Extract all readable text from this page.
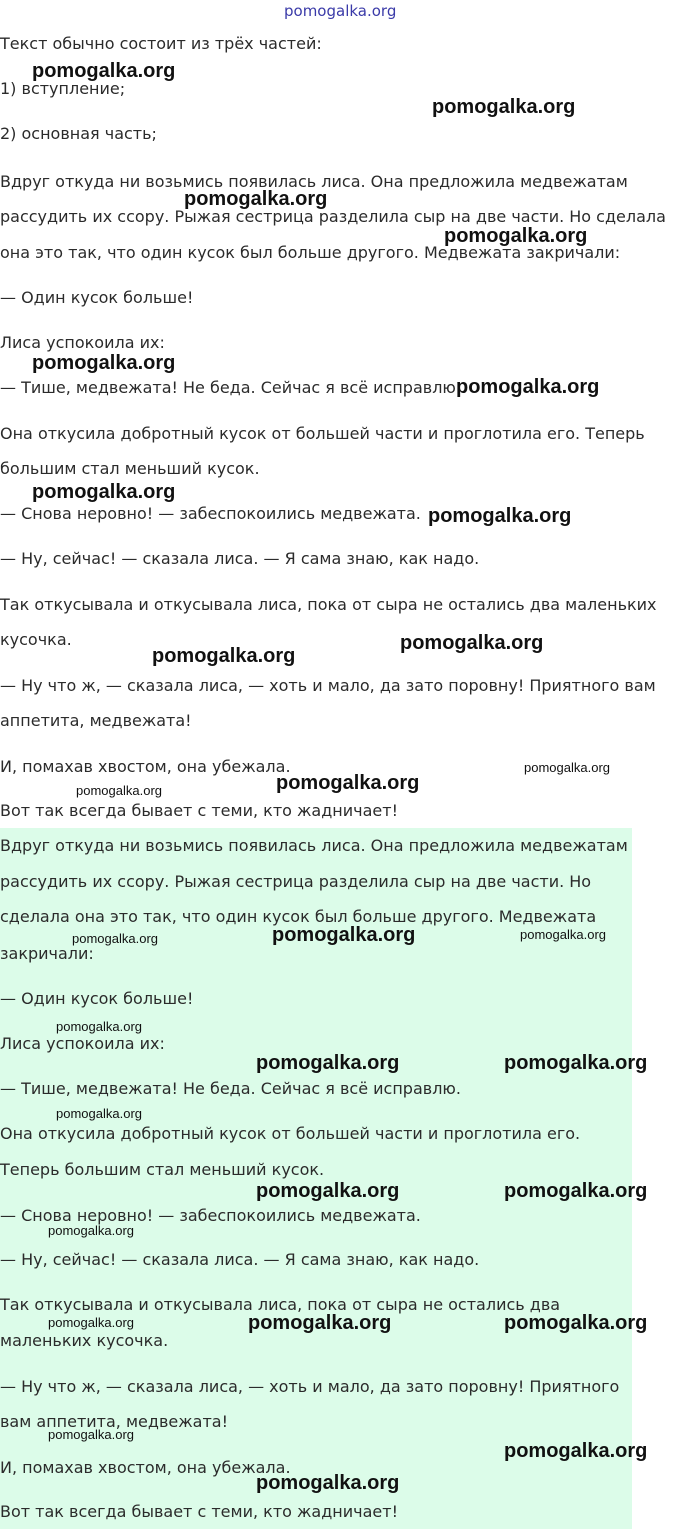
pomogalka.org
Текст обычно состоит из трёх частей:
1) вступление;
2) основная часть;
Вдруг откуда ни возьмись появилась лиса. Она предложила медвежатам
рассудить их ссору. Рыжая сестрица разделила сыр на две части. Но сделала
она это так, что один кусок был больше другого. Медвежата закричали:
— Один кусок больше!
Лиса успокоила их:
— Тише, медвежата! Не беда. Сейчас я всё исправлю.
Она откусила добротный кусок от большей части и проглотила его. Теперь
большим стал меньший кусок.
— Снова неровно! — забеспокоились медвежата.
— Ну, сейчас! — сказала лиса. — Я сама знаю, как надо.
Так откусывала и откусывала лиса, пока от сыра не остались два маленьких
кусочка.
— Ну что ж, — сказала лиса, — хоть и мало, да зато поровну! Приятного вам
аппетита, медвежата!
И, помахав хвостом, она убежала.
Вот так всегда бывает с теми, кто жадничает!
Вдруг откуда ни возьмись появилась лиса. Она предложила медвежатам
рассудить их ссору. Рыжая сестрица разделила сыр на две части. Но
сделала она это так, что один кусок был больше другого. Медвежата
закричали:
— Один кусок больше!
Лиса успокоила их:
— Тише, медвежата! Не беда. Сейчас я всё исправлю.
Она откусила добротный кусок от большей части и проглотила его.
Теперь большим стал меньший кусок.
— Снова неровно! — забеспокоились медвежата.
— Ну, сейчас! — сказала лиса. — Я сама знаю, как надо.
Так откусывала и откусывала лиса, пока от сыра не остались два
маленьких кусочка.
— Ну что ж, — сказала лиса, — хоть и мало, да зато поровну! Приятного
вам аппетита, медвежата!
И, помахав хвостом, она убежала.
Вот так всегда бывает с теми, кто жадничает!
pomogalka.org
pomogalka.org
pomogalka.org
pomogalka.org
pomogalka.org
pomogalka.org
pomogalka.org
pomogalka.org
pomogalka.org
pomogalka.org
pomogalka.org
pomogalka.org
pomogalka.org
pomogalka.org
pomogalka.org	pomogalka.org
pomogalka.org
pomogalka.org	pomogalka.org
pomogalka.org
pomogalka.org	pomogalka.org
pomogalka.org
pomogalka.org	pomogalka.org
pomogalka.org
pomogalka.org
pomogalka.org
pomogalka.org
